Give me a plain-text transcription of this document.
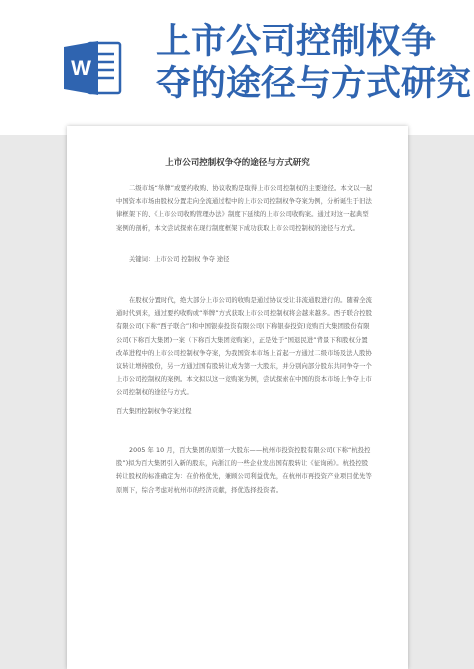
W
上市公司控制权争
夺的途径与方式研究
上市公司控制权争夺的途径与方式研究
二级市场“举牌”或要约收购、协议收购是取得上市公司控制权的主要途径。本文以一起中国资本市场由股权分置走向全流通过程中的上市公司控制权争夺案为例，分析诞生于旧法律框架下的、《上市公司收购管理办法》制度下延续的上市公司收购案。通过对这一起典型案例的剖析，本文尝试探索在现行制度框架下成功获取上市公司控制权的途径与方式。
关键词：上市公司 控制权 争夺 途径
在股权分置时代，绝大部分上市公司的收购是通过协议受让非流通股进行的。随着全流通时代到来，通过要约收购或“举牌”方式获取上市公司控制权将会越来越多。西子联合控股有限公司(下称“西子联合”)和中国银泰投资有限公司(下称银泰投资)竞购百大集团股份有限公司(下称百大集团)一案（下称百大集团竞购案），正是处于“国退民进”背景下和股权分置改革进程中的上市公司控制权争夺案，为我国资本市场上首起一方通过二级市场及法人股协议转让增持股份，另一方通过国有股转让成为第一大股东，并分别向部分股东共同争夺一个上市公司控制权的案例。本文拟以这一竞购案为例，尝试探索在中国的资本市场上争夺上市公司控制权的途径与方式。
百大集团控制权争夺案过程
2005 年 10 月，百大集团的原第一大股东——杭州市投资控股有限公司(下称“杭投控股”)拟为百大集团引入新的股东，向浙江的一些企业发出国有股转让《征询函》。杭投控股转让股权的标准确定为：在价格优先，兼顾公司利益优先，在杭州市再投资产业项目优先等原则下，综合考虑对杭州市的经济贡献，择优选择投资者。
